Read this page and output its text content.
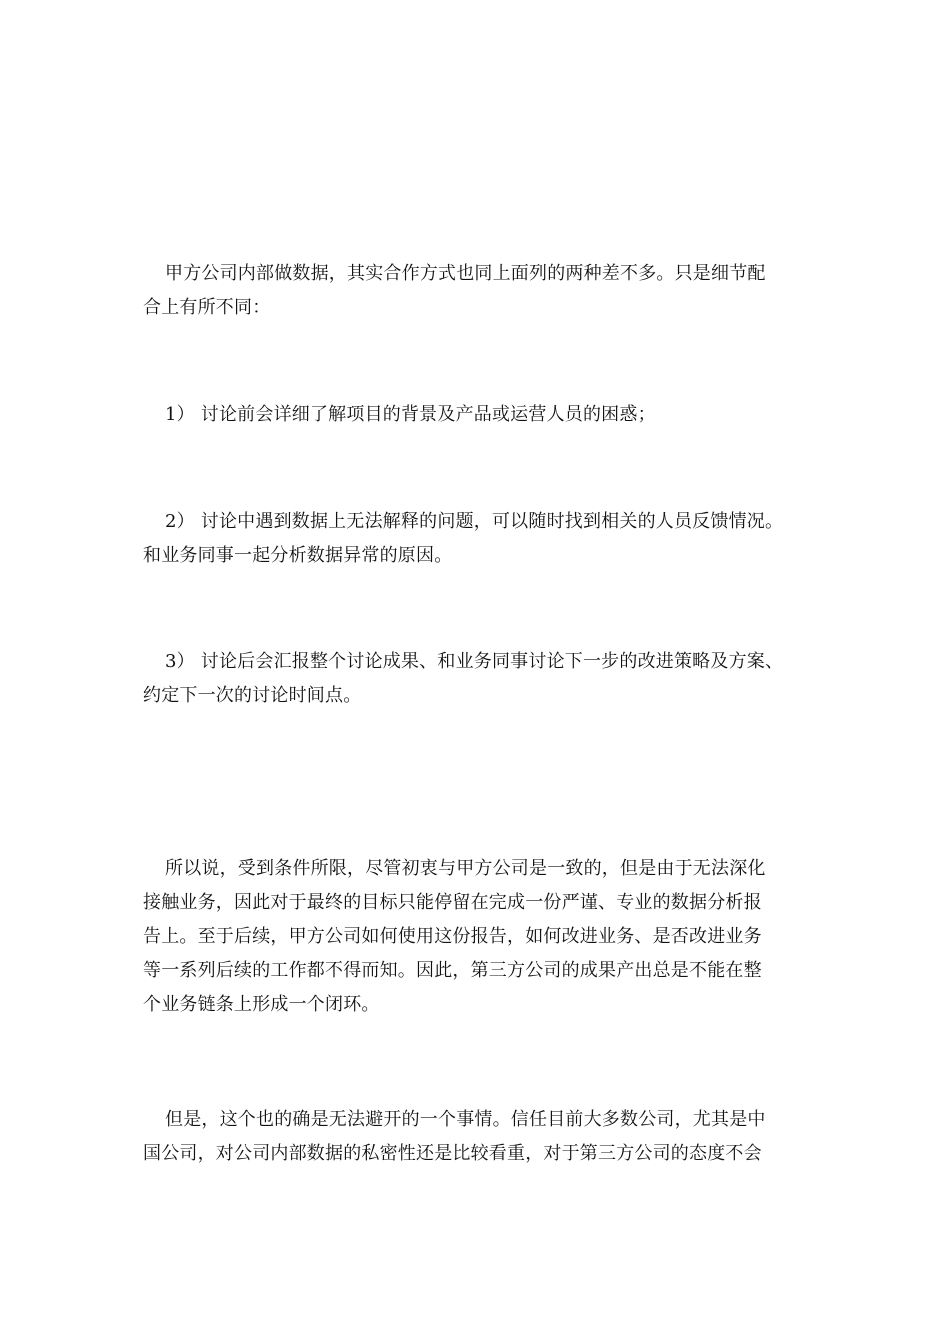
甲方公司内部做数据，其实合作方式也同上面列的两种差不多。只是细节配
合上有所不同：

1） 讨论前会详细了解项目的背景及产品或运营人员的困惑；

2） 讨论中遇到数据上无法解释的问题，可以随时找到相关的人员反馈情况。
和业务同事一起分析数据异常的原因。

3） 讨论后会汇报整个讨论成果、和业务同事讨论下一步的改进策略及方案、
约定下一次的讨论时间点。

所以说，受到条件所限，尽管初衷与甲方公司是一致的，但是由于无法深化
接触业务，因此对于最终的目标只能停留在完成一份严谨、专业的数据分析报
告上。至于后续，甲方公司如何使用这份报告，如何改进业务、是否改进业务
等一系列后续的工作都不得而知。因此，第三方公司的成果产出总是不能在整
个业务链条上形成一个闭环。

但是，这个也的确是无法避开的一个事情。信任目前大多数公司，尤其是中
国公司，对公司内部数据的私密性还是比较看重，对于第三方公司的态度不会
